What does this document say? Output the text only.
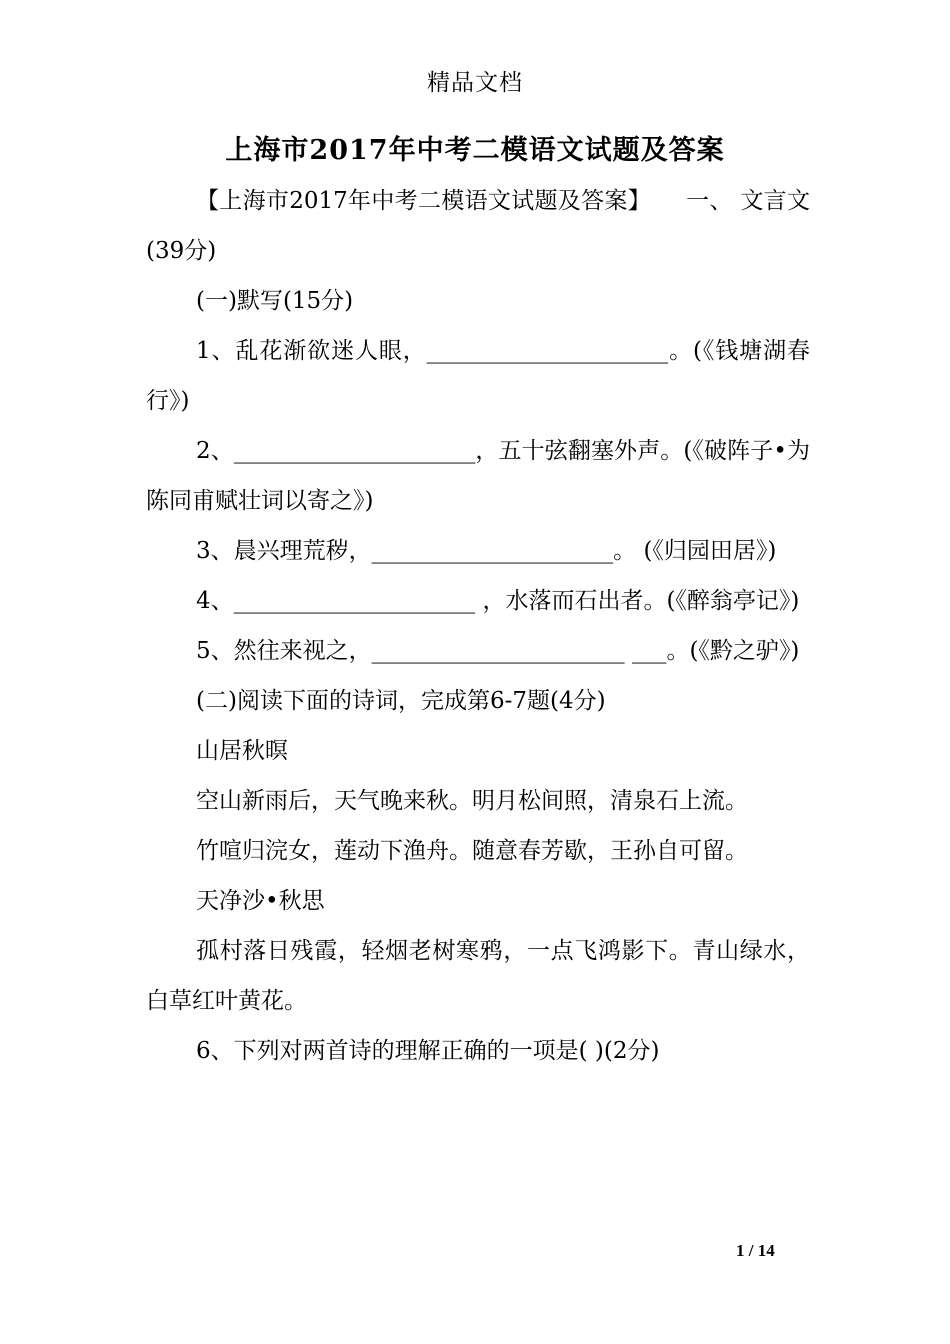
精品文档
上海市2017年中考二模语文试题及答案

【上海市2017年中考二模语文试题及答案】　　一、 文言文(39分)

(一)默写(15分)

1、乱花渐欲迷人眼，_____________________。(《钱塘湖春行》)

2、_____________________，五十弦翻塞外声。(《破阵子•为陈同甫赋壮词以寄之》)

3、晨兴理荒秽，_____________________。 (《归园田居》)

4、_____________________ ，水落而石出者。(《醉翁亭记》)

5、然往来视之，______________________ ___。(《黔之驴》)

(二)阅读下面的诗词，完成第6-7题(4分)

山居秋暝

空山新雨后，天气晚来秋。明月松间照，清泉石上流。

竹喧归浣女，莲动下渔舟。随意春芳歇，王孙自可留。

天净沙•秋思

孤村落日残霞，轻烟老树寒鸦，一点飞鸿影下。青山绿水，白草红叶黄花。

6、下列对两首诗的理解正确的一项是( )(2分)

1 / 14
